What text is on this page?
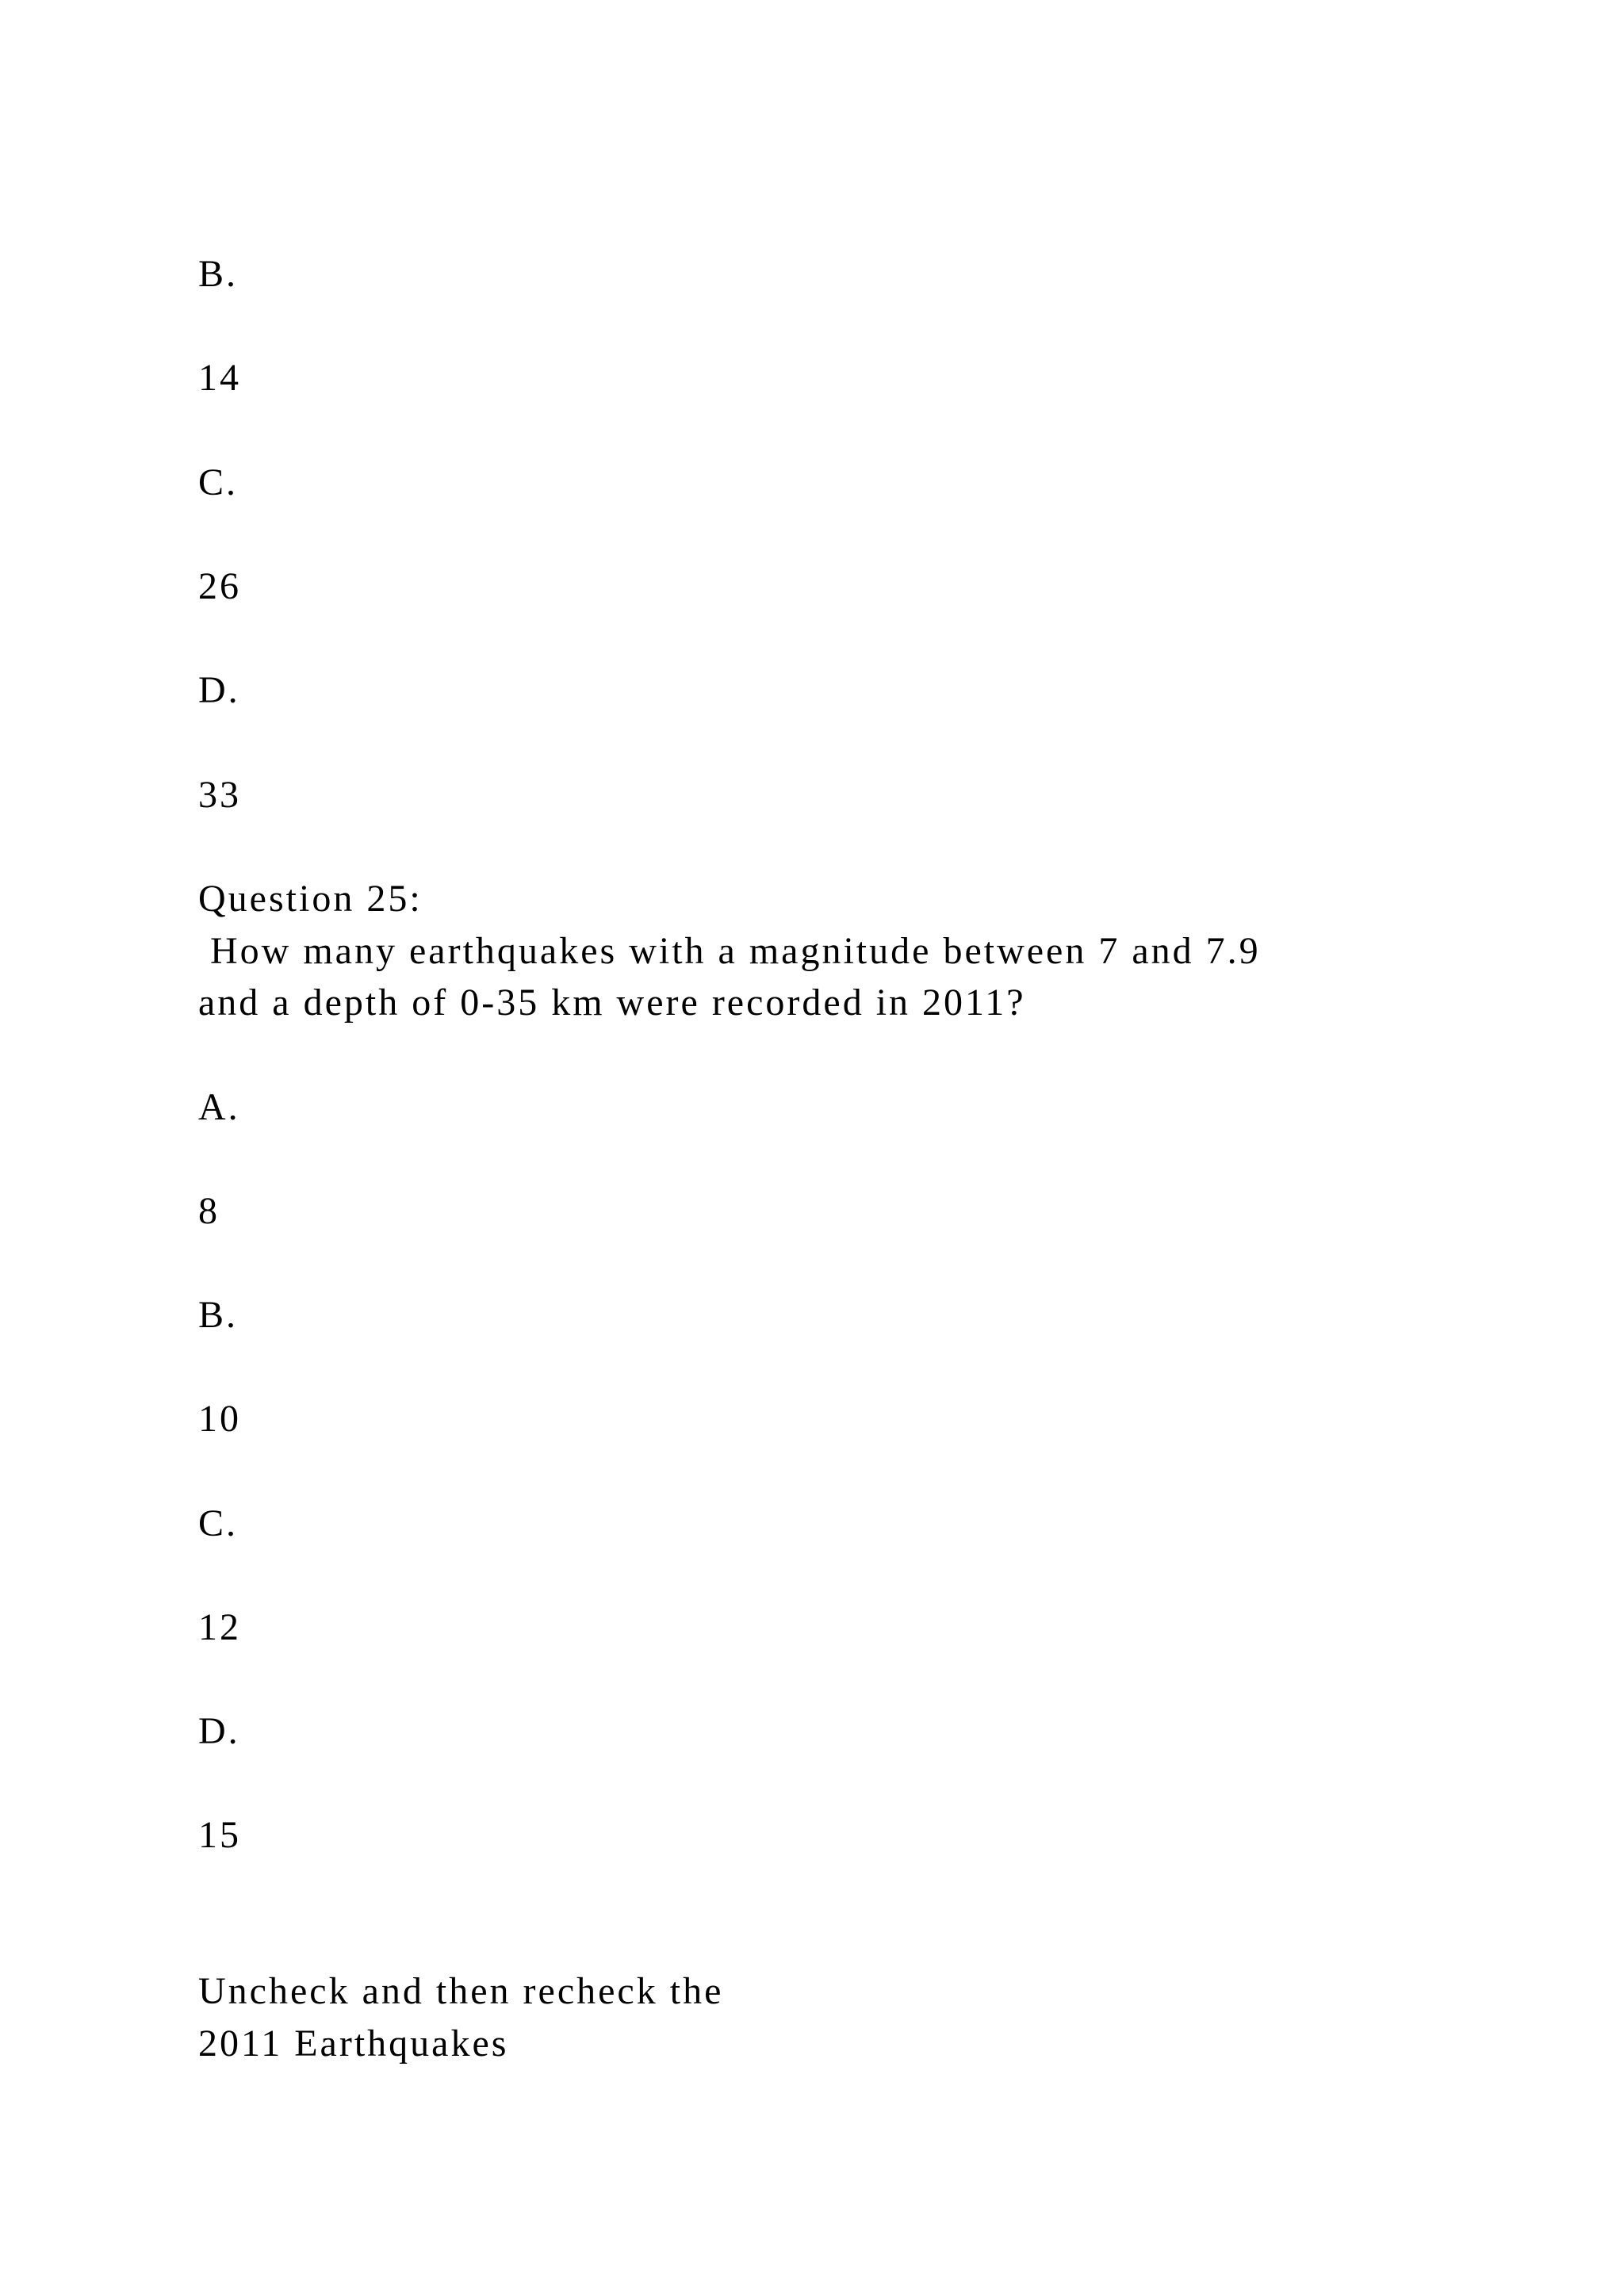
B.

14

C.

26

D.

33

Question 25:

How many earthquakes with a magnitude between 7 and 7.9

and a depth of 0-35 km were recorded in 2011?

A.

8

B.

10

C.

12

D.

15

Uncheck and then recheck the

2011 Earthquakes
